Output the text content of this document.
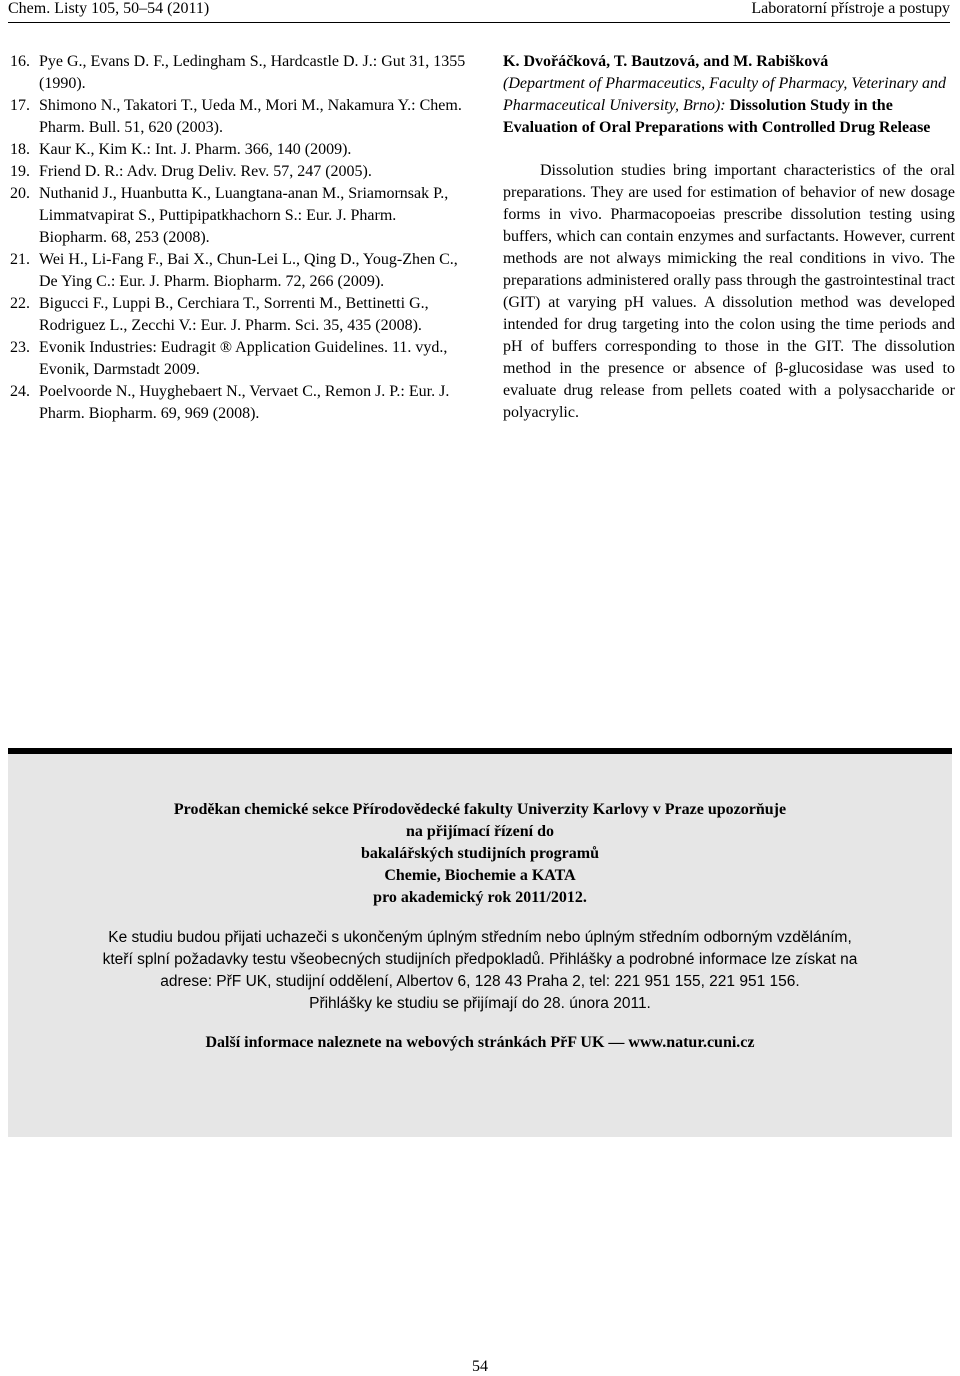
Chem. Listy 105, 50–54 (2011)	Laboratorní přístroje a postupy
16. Pye G., Evans D. F., Ledingham S., Hardcastle D. J.: Gut 31, 1355 (1990).
17. Shimono N., Takatori T., Ueda M., Mori M., Nakamura Y.: Chem. Pharm. Bull. 51, 620 (2003).
18. Kaur K., Kim K.: Int. J. Pharm. 366, 140 (2009).
19. Friend D. R.: Adv. Drug Deliv. Rev. 57, 247 (2005).
20. Nuthanid J., Huanbutta K., Luangtana-anan M., Sriamornsak P., Limmatvapirat S., Puttipipatkhachorn S.: Eur. J. Pharm. Biopharm. 68, 253 (2008).
21. Wei H., Li-Fang F., Bai X., Chun-Lei L., Qing D., Youg-Zhen C., De Ying C.: Eur. J. Pharm. Biopharm. 72, 266 (2009).
22. Bigucci F., Luppi B., Cerchiara T., Sorrenti M., Bettinetti G., Rodriguez L., Zecchi V.: Eur. J. Pharm. Sci. 35, 435 (2008).
23. Evonik Industries: Eudragit ® Application Guidelines. 11. vyd., Evonik, Darmstadt 2009.
24. Poelvoorde N., Huyghebaert N., Vervaet C., Remon J. P.: Eur. J. Pharm. Biopharm. 69, 969 (2008).
K. Dvořáčková, T. Bautzová, and M. Rabišková
(Department of Pharmaceutics, Faculty of Pharmacy, Veterinary and Pharmaceutical University, Brno): Dissolution Study in the Evaluation of Oral Preparations with Controlled Drug Release
Dissolution studies bring important characteristics of the oral preparations. They are used for estimation of behavior of new dosage forms in vivo. Pharmacopoeias prescribe dissolution testing using buffers, which can contain enzymes and surfactants. However, current methods are not always mimicking the real conditions in vivo. The preparations administered orally pass through the gastrointestinal tract (GIT) at varying pH values. A dissolution method was developed intended for drug targeting into the colon using the time periods and pH of buffers corresponding to those in the GIT. The dissolution method in the presence or absence of β-glucosidase was used to evaluate drug release from pellets coated with a polysaccharide or polyacrylic.
Proděkan chemické sekce Přírodovědecké fakulty Univerzity Karlovy v Praze upozorňuje
na přijímací řízení do
bakalářských studijních programů
Chemie, Biochemie a KATA
pro akademický rok 2011/2012.
Ke studiu budou přijati uchazeči s ukončeným úplným středním nebo úplným středním odborným vzděláním,
kteří splní požadavky testu všeobecných studijních předpokladů. Přihlášky a podrobné informace lze získat na
adrese: PřF UK, studijní oddělení, Albertov 6, 128 43 Praha 2, tel: 221 951 155, 221 951 156.
Přihlášky ke studiu se přijímají do 28. února 2011.
Další informace naleznete na webových stránkách PřF UK — www.natur.cuni.cz
54
